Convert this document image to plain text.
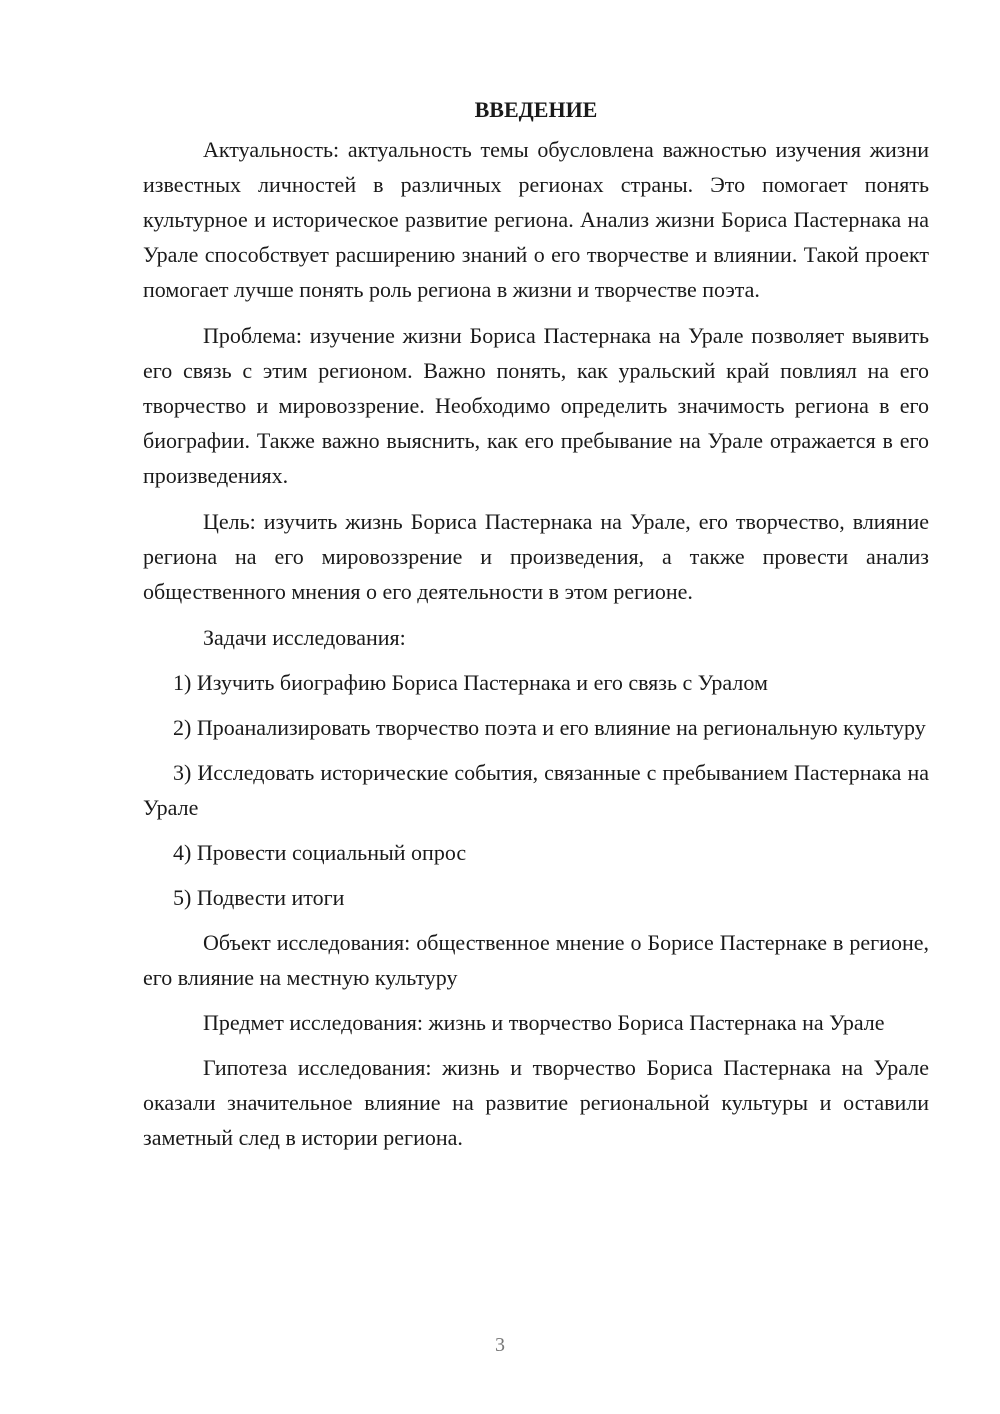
ВВЕДЕНИЕ

Актуальность: актуальность темы обусловлена важностью изучения жизни известных личностей в различных регионах страны. Это помогает понять культурное и историческое развитие региона. Анализ жизни Бориса Пастернака на Урале способствует расширению знаний о его творчестве и влиянии. Такой проект помогает лучше понять роль региона в жизни и творчестве поэта.

Проблема: изучение жизни Бориса Пастернака на Урале позволяет выявить его связь с этим регионом. Важно понять, как уральский край повлиял на его творчество и мировоззрение. Необходимо определить значимость региона в его биографии. Также важно выяснить, как его пребывание на Урале отражается в его произведениях.

Цель: изучить жизнь Бориса Пастернака на Урале, его творчество, влияние региона на его мировоззрение и произведения, а также провести анализ общественного мнения о его деятельности в этом регионе.

Задачи исследования:

1) Изучить биографию Бориса Пастернака и его связь с Уралом

2) Проанализировать творчество поэта и его влияние на региональную культуру

3) Исследовать исторические события, связанные с пребыванием Пастернака на Урале

4) Провести социальный опрос

5) Подвести итоги

Объект исследования: общественное мнение о Борисе Пастернаке в регионе, его влияние на местную культуру

Предмет исследования: жизнь и творчество Бориса Пастернака на Урале

Гипотеза исследования: жизнь и творчество Бориса Пастернака на Урале оказали значительное влияние на развитие региональной культуры и оставили заметный след в истории региона.

3
